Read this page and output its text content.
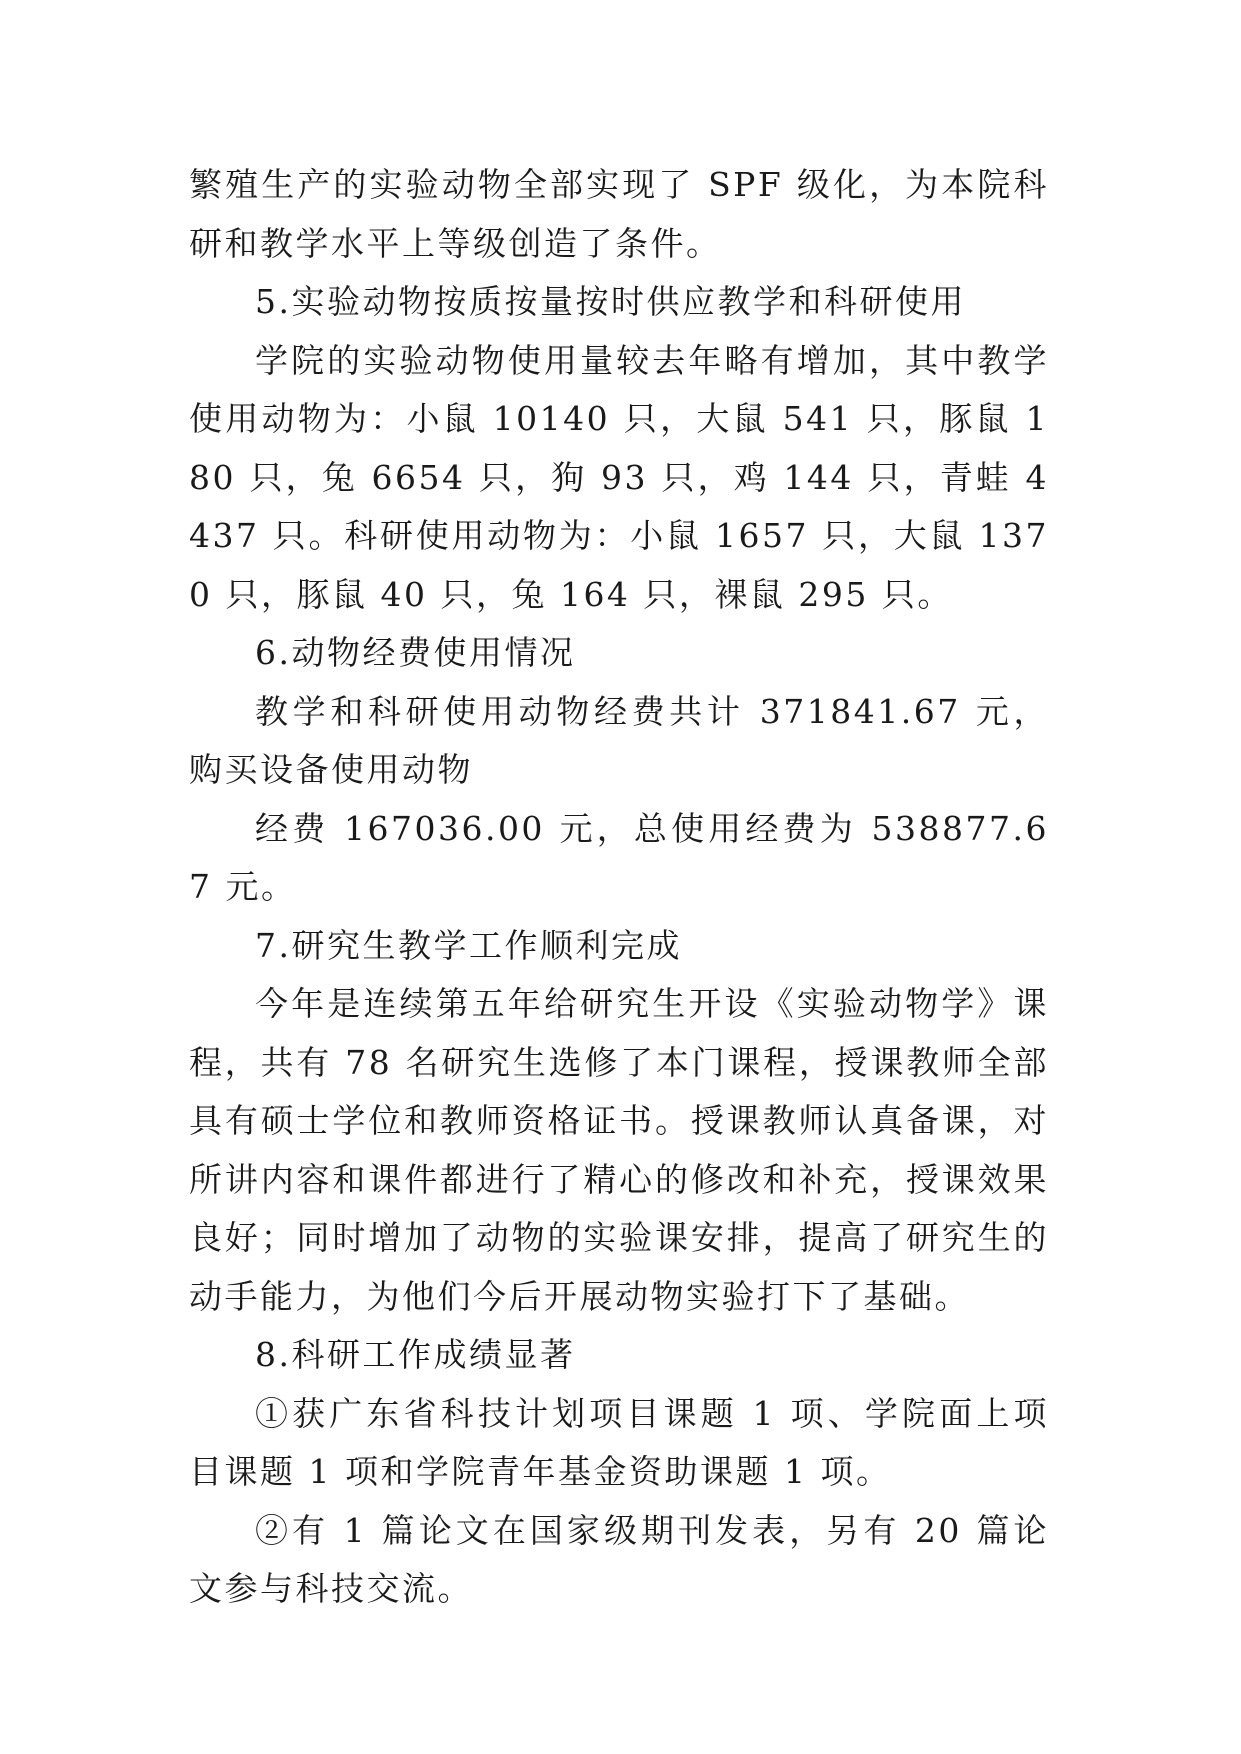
繁殖生产的实验动物全部实现了 SPF 级化，为本院科研和教学水平上等级创造了条件。

5.实验动物按质按量按时供应教学和科研使用

学院的实验动物使用量较去年略有增加，其中教学使用动物为：小鼠 10140 只，大鼠 541 只，豚鼠 180 只，兔 6654 只，狗 93 只，鸡 144 只，青蛙 4437 只。科研使用动物为：小鼠 1657 只，大鼠 1370 只，豚鼠 40 只，兔 164 只，裸鼠 295 只。

6.动物经费使用情况

教学和科研使用动物经费共计 371841.67 元，购买设备使用动物

经费 167036.00 元，总使用经费为 538877.67 元。

7.研究生教学工作顺利完成

今年是连续第五年给研究生开设《实验动物学》课程，共有 78 名研究生选修了本门课程，授课教师全部具有硕士学位和教师资格证书。授课教师认真备课，对所讲内容和课件都进行了精心的修改和补充，授课效果良好；同时增加了动物的实验课安排，提高了研究生的动手能力，为他们今后开展动物实验打下了基础。

8.科研工作成绩显著

①获广东省科技计划项目课题 1 项、学院面上项目课题 1 项和学院青年基金资助课题 1 项。

②有 1 篇论文在国家级期刊发表，另有 20 篇论文参与科技交流。
